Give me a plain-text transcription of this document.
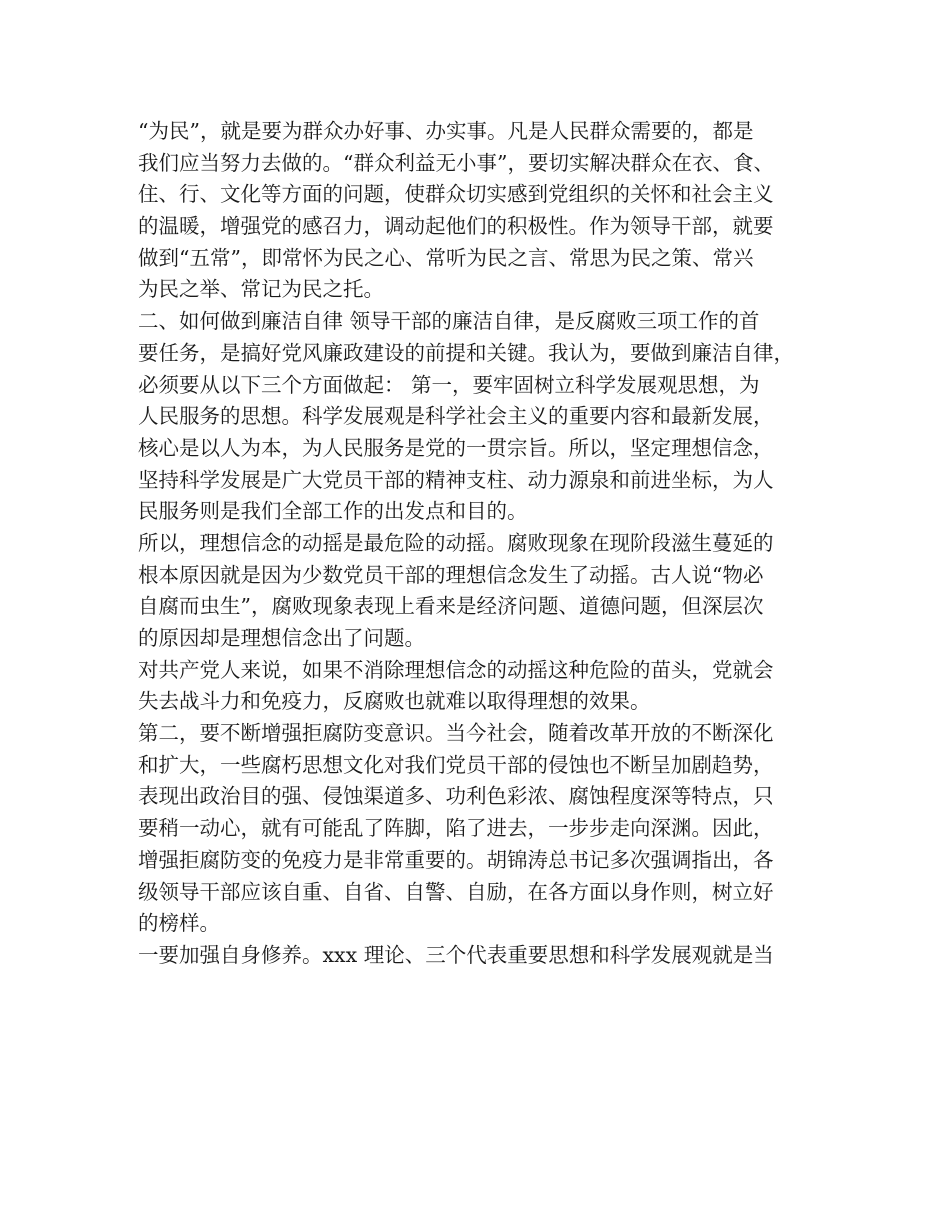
“为民”，就是要为群众办好事、办实事。凡是人民群众需要的，都是
我们应当努力去做的。“群众利益无小事”，要切实解决群众在衣、食、
住、行、文化等方面的问题，使群众切实感到党组织的关怀和社会主义
的温暖，增强党的感召力，调动起他们的积极性。作为领导干部，就要
做到“五常”，即常怀为民之心、常听为民之言、常思为民之策、常兴
为民之举、常记为民之托。
二、如何做到廉洁自律 领导干部的廉洁自律，是反腐败三项工作的首
要任务，是搞好党风廉政建设的前提和关键。我认为，要做到廉洁自律，
必须要从以下三个方面做起： 第一，要牢固树立科学发展观思想，为
人民服务的思想。科学发展观是科学社会主义的重要内容和最新发展，
核心是以人为本，为人民服务是党的一贯宗旨。所以，坚定理想信念，
坚持科学发展是广大党员干部的精神支柱、动力源泉和前进坐标，为人
民服务则是我们全部工作的出发点和目的。
所以，理想信念的动摇是最危险的动摇。腐败现象在现阶段滋生蔓延的
根本原因就是因为少数党员干部的理想信念发生了动摇。古人说“物必
自腐而虫生”，腐败现象表现上看来是经济问题、道德问题，但深层次
的原因却是理想信念出了问题。
对共产党人来说，如果不消除理想信念的动摇这种危险的苗头，党就会
失去战斗力和免疫力，反腐败也就难以取得理想的效果。
第二，要不断增强拒腐防变意识。当今社会，随着改革开放的不断深化
和扩大，一些腐朽思想文化对我们党员干部的侵蚀也不断呈加剧趋势，
表现出政治目的强、侵蚀渠道多、功利色彩浓、腐蚀程度深等特点，只
要稍一动心，就有可能乱了阵脚，陷了进去，一步步走向深渊。因此，
增强拒腐防变的免疫力是非常重要的。胡锦涛总书记多次强调指出，各
级领导干部应该自重、自省、自警、自励，在各方面以身作则，树立好
的榜样。
一要加强自身修养。xxx 理论、三个代表重要思想和科学发展观就是当
